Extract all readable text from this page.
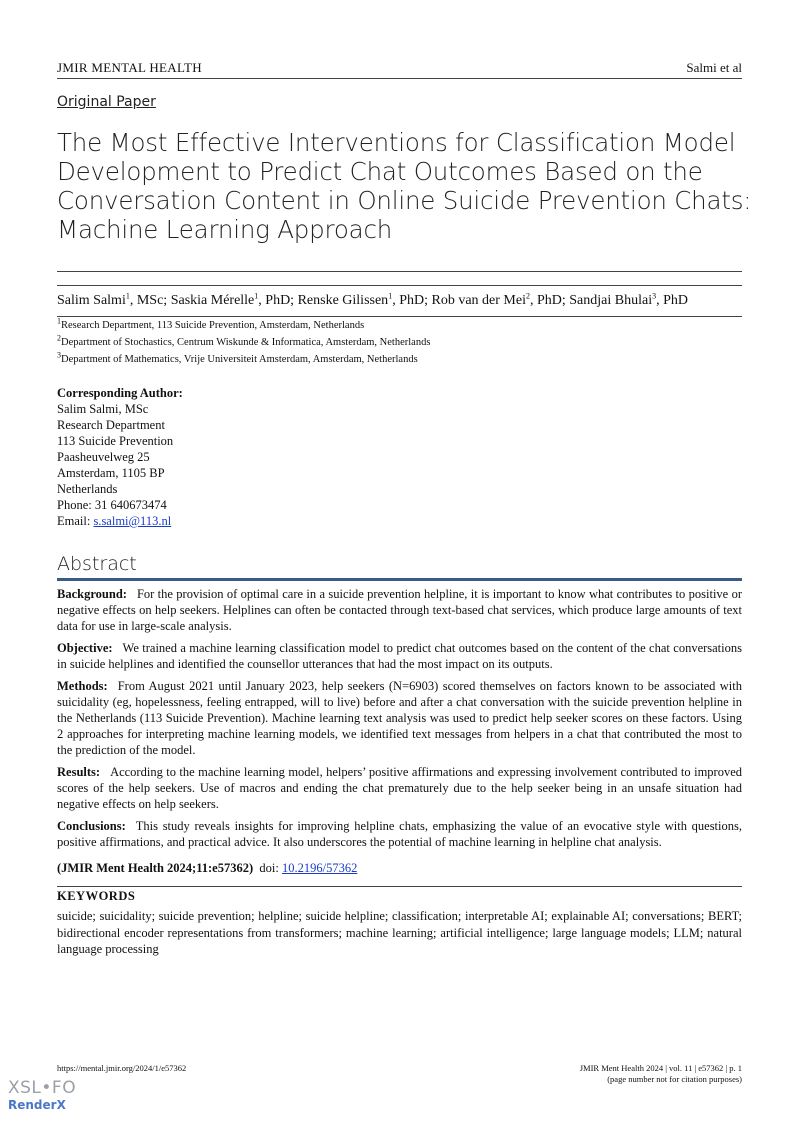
JMIR MENTAL HEALTH	Salmi et al
Original Paper
The Most Effective Interventions for Classification Model Development to Predict Chat Outcomes Based on the Conversation Content in Online Suicide Prevention Chats: Machine Learning Approach
Salim Salmi$^1$, MSc; Saskia Mérelle$^1$, PhD; Renske Gilissen$^1$, PhD; Rob van der Mei$^2$, PhD; Sandjai Bhulai$^3$, PhD
$^1$Research Department, 113 Suicide Prevention, Amsterdam, Netherlands
$^2$Department of Stochastics, Centrum Wiskunde & Informatica, Amsterdam, Netherlands
$^3$Department of Mathematics, Vrije Universiteit Amsterdam, Amsterdam, Netherlands
Corresponding Author:
Salim Salmi, MSc
Research Department
113 Suicide Prevention
Paasheuvelweg 25
Amsterdam, 1105 BP
Netherlands
Phone: 31 640673474
Email: s.salmi@113.nl
Abstract

Background: For the provision of optimal care in a suicide prevention helpline, it is important to know what contributes to positive or negative effects on help seekers. Helplines can often be contacted through text-based chat services, which produce large amounts of text data for use in large-scale analysis.

Objective: We trained a machine learning classification model to predict chat outcomes based on the content of the chat conversations in suicide helplines and identified the counsellor utterances that had the most impact on its outputs.

Methods: From August 2021 until January 2023, help seekers (N=6903) scored themselves on factors known to be associated with suicidality (eg, hopelessness, feeling entrapped, will to live) before and after a chat conversation with the suicide prevention helpline in the Netherlands (113 Suicide Prevention). Machine learning text analysis was used to predict help seeker scores on these factors. Using 2 approaches for interpreting machine learning models, we identified text messages from helpers in a chat that contributed the most to the prediction of the model.

Results: According to the machine learning model, helpers’ positive affirmations and expressing involvement contributed to improved scores of the help seekers. Use of macros and ending the chat prematurely due to the help seeker being in an unsafe situation had negative effects on help seekers.

Conclusions: This study reveals insights for improving helpline chats, emphasizing the value of an evocative style with questions, positive affirmations, and practical advice. It also underscores the potential of machine learning in helpline chat analysis.

(JMIR Ment Health 2024;11:e57362) doi: 10.2196/57362
KEYWORDS
suicide; suicidality; suicide prevention; helpline; suicide helpline; classification; interpretable AI; explainable AI; conversations; BERT; bidirectional encoder representations from transformers; machine learning; artificial intelligence; large language models; LLM; natural language processing
https://mental.jmir.org/2024/1/e57362	JMIR Ment Health 2024 | vol. 11 | e57362 | p. 1
(page number not for citation purposes)
XSL•FO
RenderX
